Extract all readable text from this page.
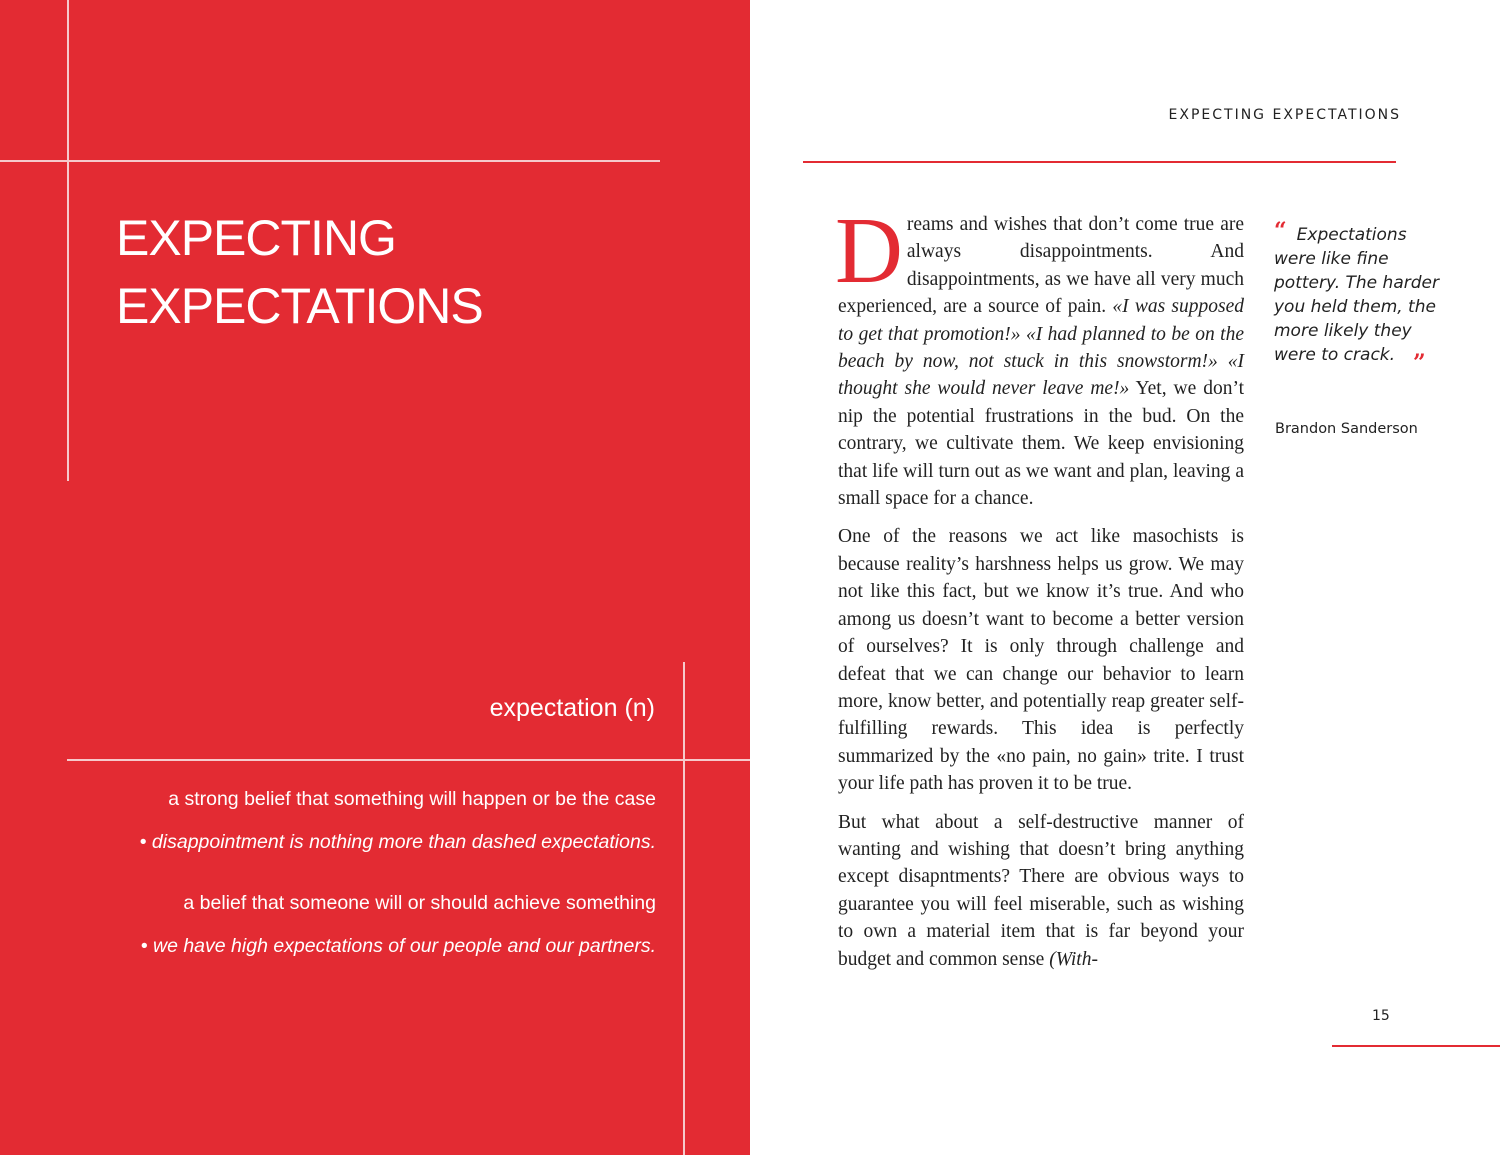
EXPECTING
EXPECTATIONS
expectation (n)
a strong belief that something will happen or be the case
• disappointment is nothing more than dashed expectations.
a belief that someone will or should achieve something
• we have high expectations of our people and our partners.
EXPECTING EXPECTATIONS

Dreams and wishes that don’t come true are always disappointments. And disappointments, as we have all very much experienced, are a source of pain. «I was supposed to get that promotion!» «I had planned to be on the beach by now, not stuck in this snowstorm!» «I thought she would never leave me!» Yet, we don’t nip the potential frustrations in the bud. On the contrary, we cultivate them. We keep envisioning that life will turn out as we want and plan, leaving a small space for a chance.

One of the reasons we act like masochists is because reality’s harshness helps us grow. We may not like this fact, but we know it’s true. And who among us doesn’t want to become a better version of ourselves? It is only through challenge and defeat that we can change our behavior to learn more, know better, and potentially reap greater self-fulfilling rewards. This idea is perfectly summarized by the «no pain, no gain» trite. I trust your life path has proven it to be true.

But what about a self-destructive manner of wanting and wishing that doesn’t bring anything except disapntments? There are obvious ways to guarantee you will feel miserable, such as wishing to own a material item that is far beyond your budget and common sense (With-

“ Expectations were like fine pottery. The harder you held them, the more likely they were to crack. ”

Brandon Sanderson
15
